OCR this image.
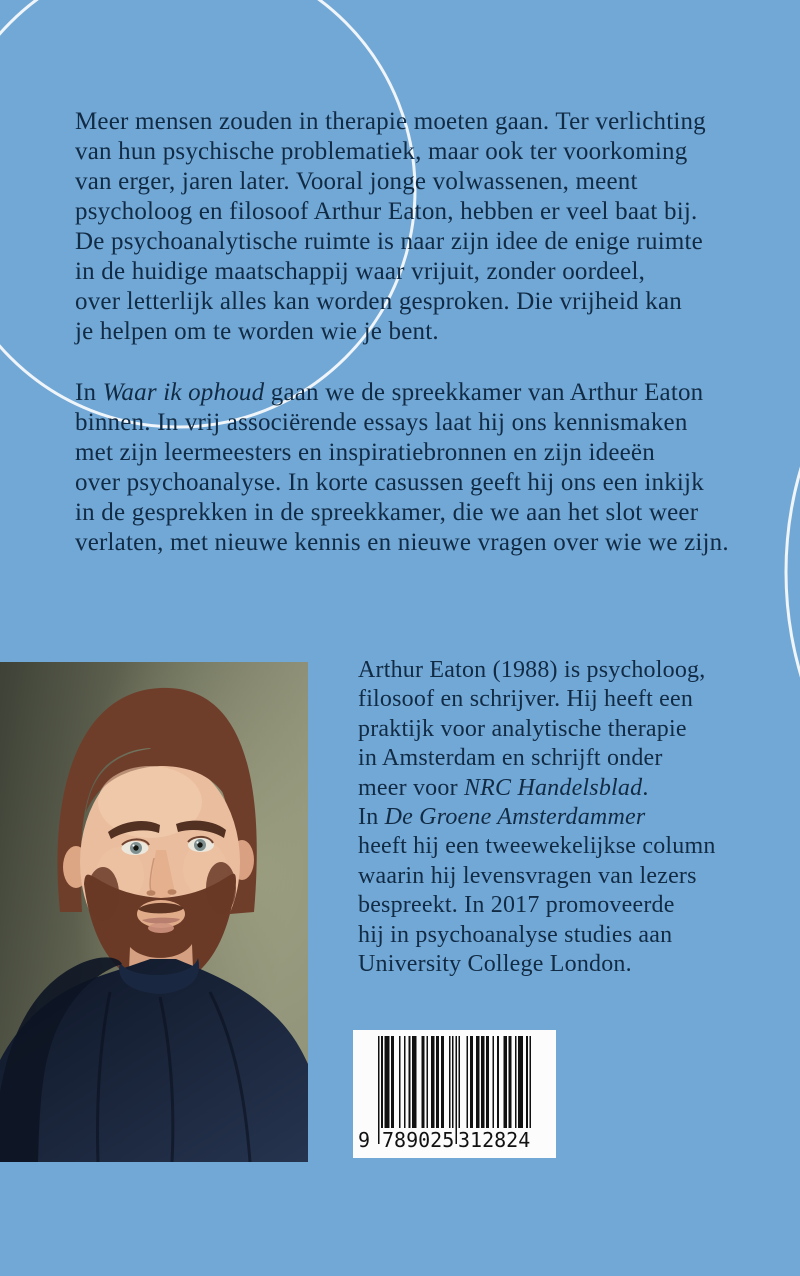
Meer mensen zouden in therapie moeten gaan. Ter verlichting
van hun psychische problematiek, maar ook ter voorkoming
van erger, jaren later. Vooral jonge volwassenen, meent
psycholoog en filosoof Arthur Eaton, hebben er veel baat bij.
De psychoanalytische ruimte is naar zijn idee de enige ruimte
in de huidige maatschappij waar vrijuit, zonder oordeel,
over letterlijk alles kan worden gesproken. Die vrijheid kan
je helpen om te worden wie je bent.
In Waar ik ophoud gaan we de spreekkamer van Arthur Eaton
binnen. In vrij associërende essays laat hij ons kennismaken
met zijn leermeesters en inspiratiebronnen en zijn ideeën
over psychoanalyse. In korte casussen geeft hij ons een inkijk
in de gesprekken in de spreekkamer, die we aan het slot weer
verlaten, met nieuwe kennis en nieuwe vragen over wie we zijn.
Arthur Eaton (1988) is psycholoog,
filosoof en schrijver. Hij heeft een
praktijk voor analytische therapie
in Amsterdam en schrijft onder
meer voor NRC Handelsblad.
In De Groene Amsterdammer
heeft hij een tweewekelijkse column
waarin hij levensvragen van lezers
bespreekt. In 2017 promoveerde
hij in psychoanalyse studies aan
University College London.
9 789025 312824
